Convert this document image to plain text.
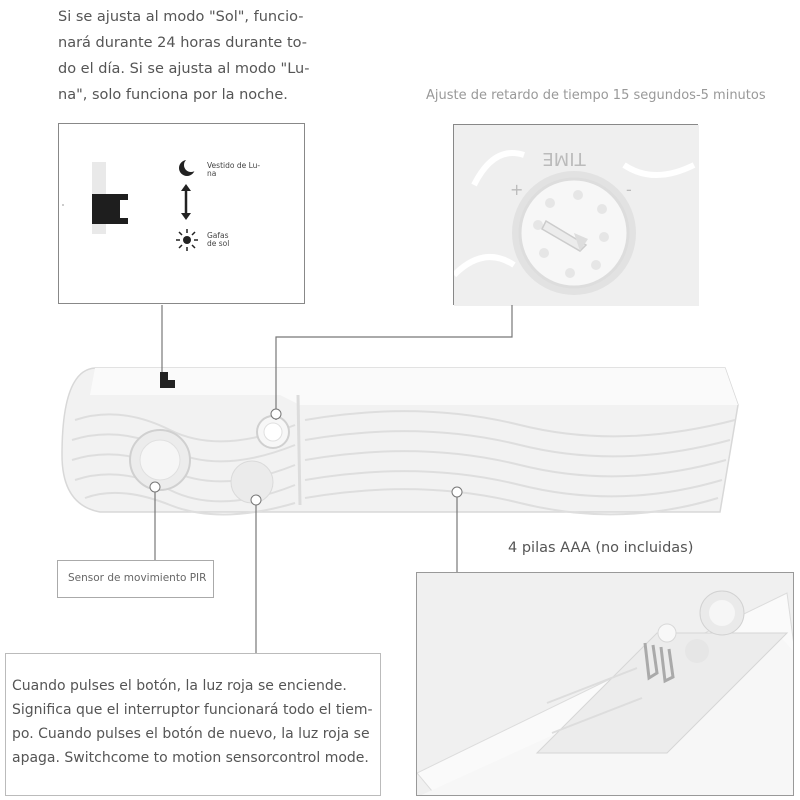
Si se ajusta al modo "Sol", funcio-
nará durante 24 horas durante to-
do el día. Si se ajusta al modo "Lu-
na", solo funciona por la noche.	Ajuste de retardo de tiempo 15 segundos-5 minutos
Vestido de Lu-
na
Gafas
de sol
TIME
+	-
Sensor de movimiento PIR
4 pilas AAA (no incluidas)
Cuando pulses el botón, la luz roja se enciende.
Significa que el interruptor funcionará todo el tiem-
po. Cuando pulses el botón de nuevo, la luz roja se
apaga. Switchcome to motion sensorcontrol mode.
